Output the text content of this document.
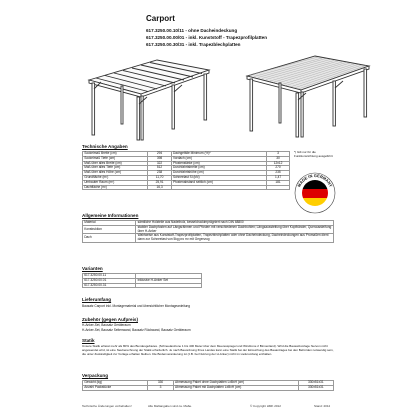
Carport
617.3250.00.10/11 - ohne Dacheindeckung
617.3250.00.00/01 - inkl. Kunststoff - Trapezprofilplatten
617.3250.00.30/31 - inkl. Trapezblechplatten
Technische Angaben
Sockelmaß Breite (cm)	294	Dachgefälle Minimum (%)*	3
Sockelmaß Tiefe (cm)	398	Vordach (cm)	30
Maß über alles Breite (cm)	322	Pfostenstärke (cm)	12x12
Maß über alles Tiefe (cm)	512	Durchfahrtsbreite (cm)	270
Maß über alles Höhe (cm)	238	Durchfahrtshöhe (cm)	235
Grundfläche (m²)	11,70	Schneelast SI (kN)	1,47
Umbauter Raum (m³)	25,91	Pfostenabstand seitlich (cm)	181
Dachfläche (m²)	16,3		
*) Gilt nur für die Funktionsrichtung ausgeführt
MADE IN GERMANY
Allgemeine Informationen
Material	sämtliche Holzteile aus Nadelholz, kesseldruckimprägniert nach DIN 68800
Konstruktion	stabiler Dachpfosten auf Längsrähmen und Pfosten mit verschiedenen Dachbohlen; Längsaussteifung über Kopfbänder, Queraussteifung über H-Anker
Dach	Wahlweise aus Kunststoff-Trapezprofilplatten, Trapezblechplatten oder ohne Dacheindeckung, Dacheindeckungen aus Promaßen dient dann zur Schneelast von 5kg pro m² mit Gegenzug
Varianten
617.3250.00.11	
617.3250.00.01	inklusive H-Anker Set
617.3250.00.31	
Lieferumfang
Bausatz Carport inkl. Montagematerial und übersichtlicher Montageanleitung
Zubehör (gegen Aufpreis)
H-Anker-Set, Bausatz Geräteraum
H-Anker-Set, Bausatz Seitenwand, Bausatz Rückwand, Bausatz Geräteraum
Statik
Unsere Statik erfasst mehr als 80% des Bundesgebietes. (Schneelastzone 1 bis 400 Meter über dem Meeresspiegel und Windzone 2 Binnenland). Wird die Bausatzvorlage hiervon nicht angewendet wird, ist eine Neuberechnung der Statik erforderlich. Je nach Bauordnung Ihres Landes kann eine Statik bei der Einreichung des Bauantrages bei den Behörden notwendig sein, die unter Zuständigkeit zur Vorlage erhalten bleiben. Die Bodenverankerung ist (z.B. bei Nutzung der H-Anker) nicht im Lieferumfang enthalten.
Verpackung
Gewicht (kg)	330	Abmessung Paket ohne Dachplatten LxBxH (cm)	330x51x31
Anzahl Packstücke	3	Abmessung Paket mit Dachplatten LxBxH (cm)	330x51x31
Technische Änderungen vorbehalten!	Alle Maßangaben sind ca. Maße.	© Copyright HMK 2012	Stand: 2012
